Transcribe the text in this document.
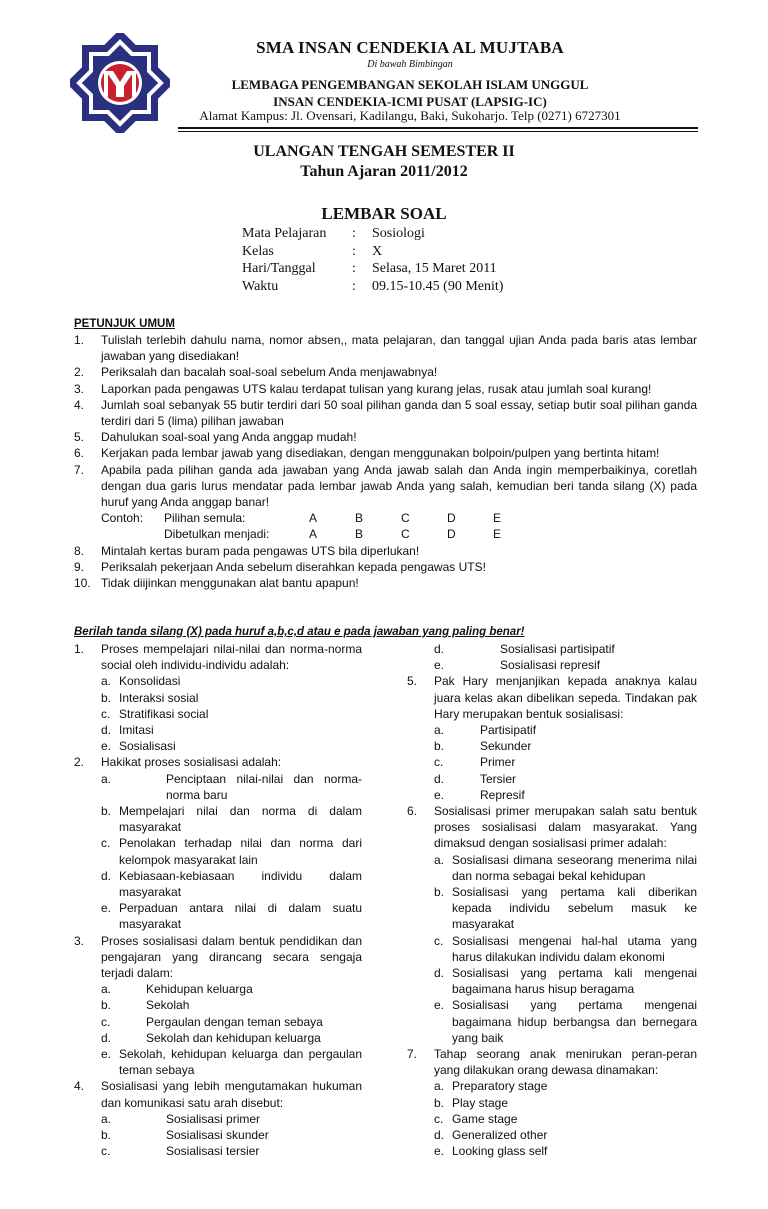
SMA INSAN CENDEKIA AL MUJTABA
Di bawah Bimbingan
LEMBAGA PENGEMBANGAN SEKOLAH ISLAM UNGGUL
INSAN CENDEKIA-ICMI PUSAT (LAPSIG-IC)
Alamat Kampus: Jl. Ovensari, Kadilangu, Baki, Sukoharjo. Telp (0271) 6727301
ULANGAN TENGAH SEMESTER II
Tahun Ajaran 2011/2012
LEMBAR SOAL
Mata Pelajaran	:	Sosiologi
Kelas	:	X
Hari/Tanggal	:	Selasa, 15 Maret 2011
Waktu	:	09.15-10.45 (90 Menit)
PETUNJUK UMUM
1.	Tulislah terlebih dahulu nama, nomor absen,, mata pelajaran, dan tanggal ujian Anda pada baris atas lembar jawaban yang disediakan!
2.	Periksalah dan bacalah soal-soal sebelum Anda menjawabnya!
3.	Laporkan pada pengawas UTS kalau terdapat tulisan yang kurang jelas, rusak atau jumlah soal kurang!
4.	Jumlah soal sebanyak 55 butir terdiri dari 50 soal pilihan ganda dan 5 soal essay, setiap butir soal pilihan ganda terdiri dari 5 (lima) pilihan jawaban
5.	Dahulukan soal-soal yang Anda anggap mudah!
6.	Kerjakan pada lembar jawab yang disediakan, dengan menggunakan bolpoin/pulpen yang bertinta hitam!
7.	Apabila pada pilihan ganda ada jawaban yang Anda jawab salah dan Anda ingin memperbaikinya, coretlah dengan dua garis lurus mendatar pada lembar jawab Anda yang salah, kemudian beri tanda silang (X) pada huruf yang Anda anggap banar!
Contoh:	Pilihan semula:	A	B	C	D	E
Dibetulkan menjadi:	A	B	C	D	E
8.	Mintalah kertas buram pada pengawas UTS bila diperlukan!
9.	Periksalah pekerjaan Anda sebelum diserahkan kepada pengawas UTS!
10. Tidak diijinkan menggunakan alat bantu apapun!
Berilah tanda silang (X) pada huruf a,b,c,d atau e pada jawaban yang paling benar!
1.	Proses mempelajari nilai-nilai dan norma-norma social oleh individu-individu adalah:
a. Konsolidasi
b. Interaksi sosial
c. Stratifikasi social
d. Imitasi
e. Sosialisasi
2.	Hakikat proses sosialisasi adalah:
a.	Penciptaan nilai-nilai dan norma-norma baru
b. Mempelajari nilai dan norma di dalam masyarakat
c. Penolakan terhadap nilai dan norma dari kelompok masyarakat lain
d. Kebiasaan-kebiasaan individu dalam masyarakat
e. Perpaduan antara nilai di dalam suatu masyarakat
3.	Proses sosialisasi dalam bentuk pendidikan dan pengajaran yang dirancang secara sengaja terjadi dalam:
a.	Kehidupan keluarga
b.	Sekolah
c.	Pergaulan dengan teman sebaya
d.	Sekolah dan kehidupan keluarga
e. Sekolah, kehidupan keluarga dan pergaulan teman sebaya
4.	Sosialisasi yang lebih mengutamakan hukuman dan komunikasi satu arah disebut:
a.	Sosialisasi primer
b.	Sosialisasi skunder
c.	Sosialisasi tersier
d.	Sosialisasi partisipatif
e.	Sosialisasi represif
5.	Pak Hary menjanjikan kepada anaknya kalau juara kelas akan dibelikan sepeda. Tindakan pak Hary merupakan bentuk sosialisasi:
a.	Partisipatif
b.	Sekunder
c.	Primer
d.	Tersier
e.	Represif
6.	Sosialisasi primer merupakan salah satu bentuk proses sosialisasi dalam masyarakat. Yang dimaksud dengan sosialisasi primer adalah:
a. Sosialisasi dimana seseorang menerima nilai dan norma sebagai bekal kehidupan
b. Sosialisasi yang pertama kali diberikan kepada individu sebelum masuk ke masyarakat
c. Sosialisasi mengenai hal-hal utama yang harus dilakukan individu dalam ekonomi
d. Sosialisasi yang pertama kali mengenai bagaimana harus hisup beragama
e. Sosialisasi yang pertama mengenai bagaimana hidup berbangsa dan bernegara yang baik
7.	Tahap seorang anak menirukan peran-peran yang dilakukan orang dewasa dinamakan:
a. Preparatory stage
b. Play stage
c. Game stage
d. Generalized other
e. Looking glass self
